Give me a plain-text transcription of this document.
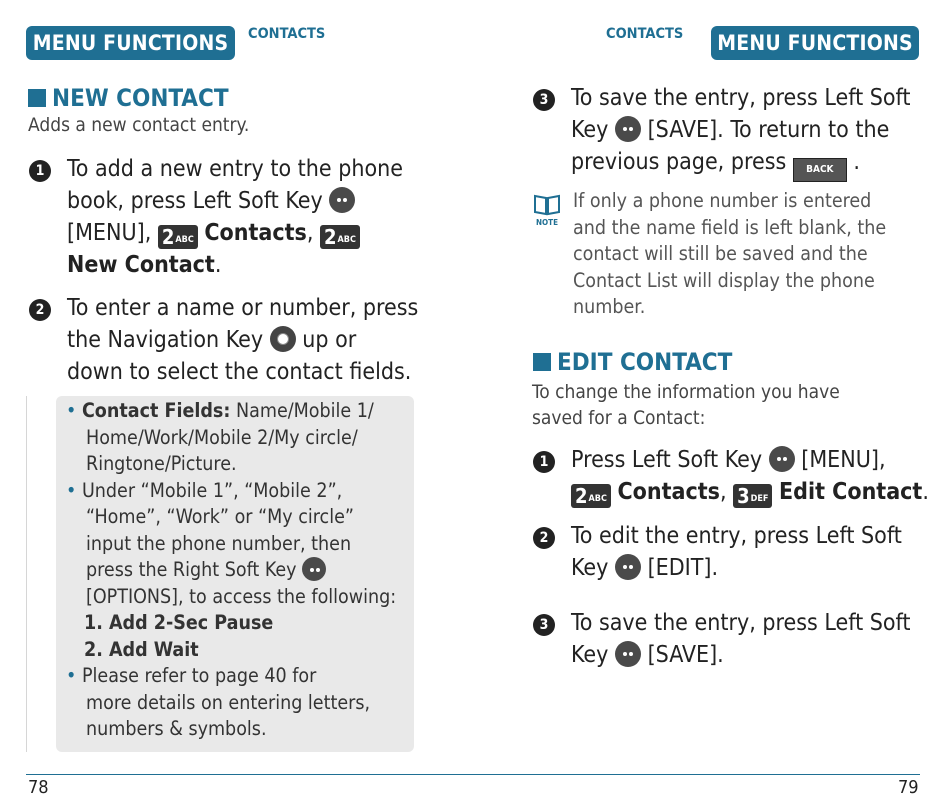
MENU FUNCTIONS	CONTACTS
NEW CONTACT
Adds a new contact entry.
1 To add a new entry to the phone
book, press Left Soft Key
[MENU], 2ABC Contacts, 2ABC
New Contact.
2 To enter a name or number, press
the Navigation Key up or
down to select the contact fields.
• Contact Fields: Name/Mobile 1/
Home/Work/Mobile 2/My circle/
Ringtone/Picture.
• Under “Mobile 1”, “Mobile 2”,
“Home”, “Work” or “My circle”
input the phone number, then
press the Right Soft Key
[OPTIONS], to access the following:
1. Add 2-Sec Pause
2. Add Wait
• Please refer to page 40 for
more details on entering letters,
numbers & symbols.
CONTACTS MENU FUNCTIONS
3 To save the entry, press Left Soft
Key [SAVE]. To return to the
previous page, press BACK .
NOTE
If only a phone number is entered
and the name field is left blank, the
contact will still be saved and the
Contact List will display the phone
number.
EDIT CONTACT
To change the information you have
saved for a Contact:
1 Press Left Soft Key [MENU],
2ABC Contacts, 3DEF Edit Contact.
2 To edit the entry, press Left Soft
Key [EDIT].
3 To save the entry, press Left Soft
Key [SAVE].
78	79
